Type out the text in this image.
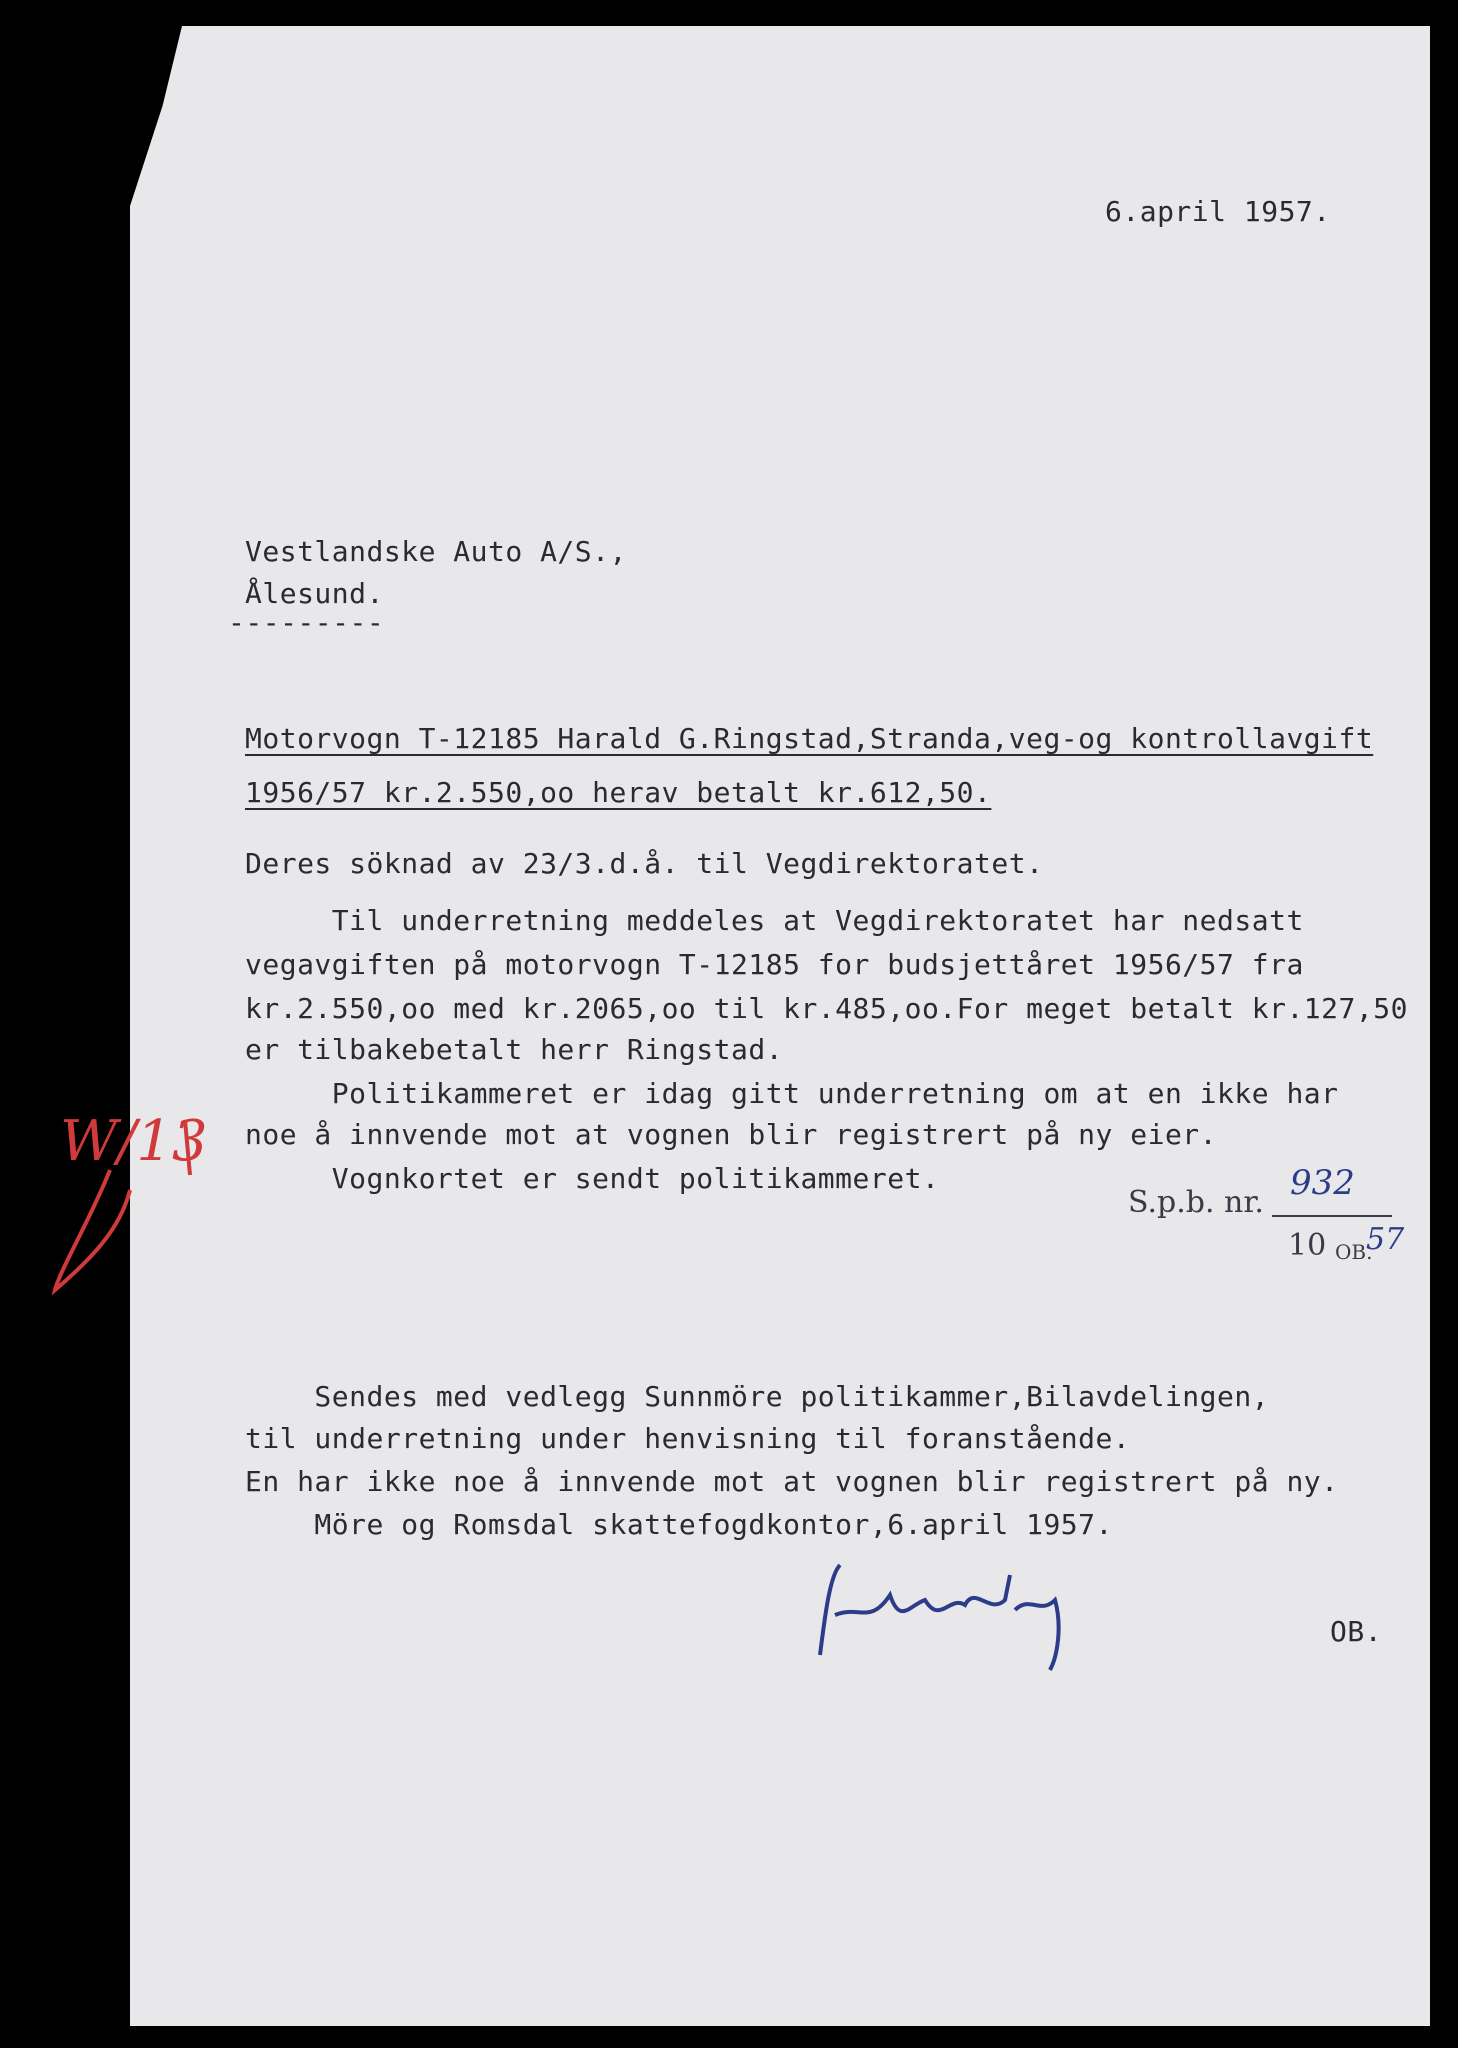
6.april 1957.
Vestlandske Auto A/S.,
Ålesund.
---------
Motorvogn T-12185 Harald G.Ringstad,Stranda,veg-og kontrollavgift
1956/57 kr.2.550,oo herav betalt kr.612,50.
Deres söknad av 23/3.d.å. til Vegdirektoratet.
Til underretning meddeles at Vegdirektoratet har nedsatt
vegavgiften på motorvogn T-12185 for budsjettåret 1956/57 fra
kr.2.550,oo med kr.2065,oo til kr.485,oo.For meget betalt kr.127,50
er tilbakebetalt herr Ringstad.
Politikammeret er idag gitt underretning om at en ikke har
noe å innvende mot at vognen blir registrert på ny eier.
Vognkortet er sendt politikammeret.
S.p.b. nr. 932
10 OB.
57
W/13
Sendes med vedlegg Sunnmöre politikammer,Bilavdelingen,
til underretning under henvisning til foranstående.
En har ikke noe å innvende mot at vognen blir registrert på ny.
Möre og Romsdal skattefogdkontor,6.april 1957.
OB.
